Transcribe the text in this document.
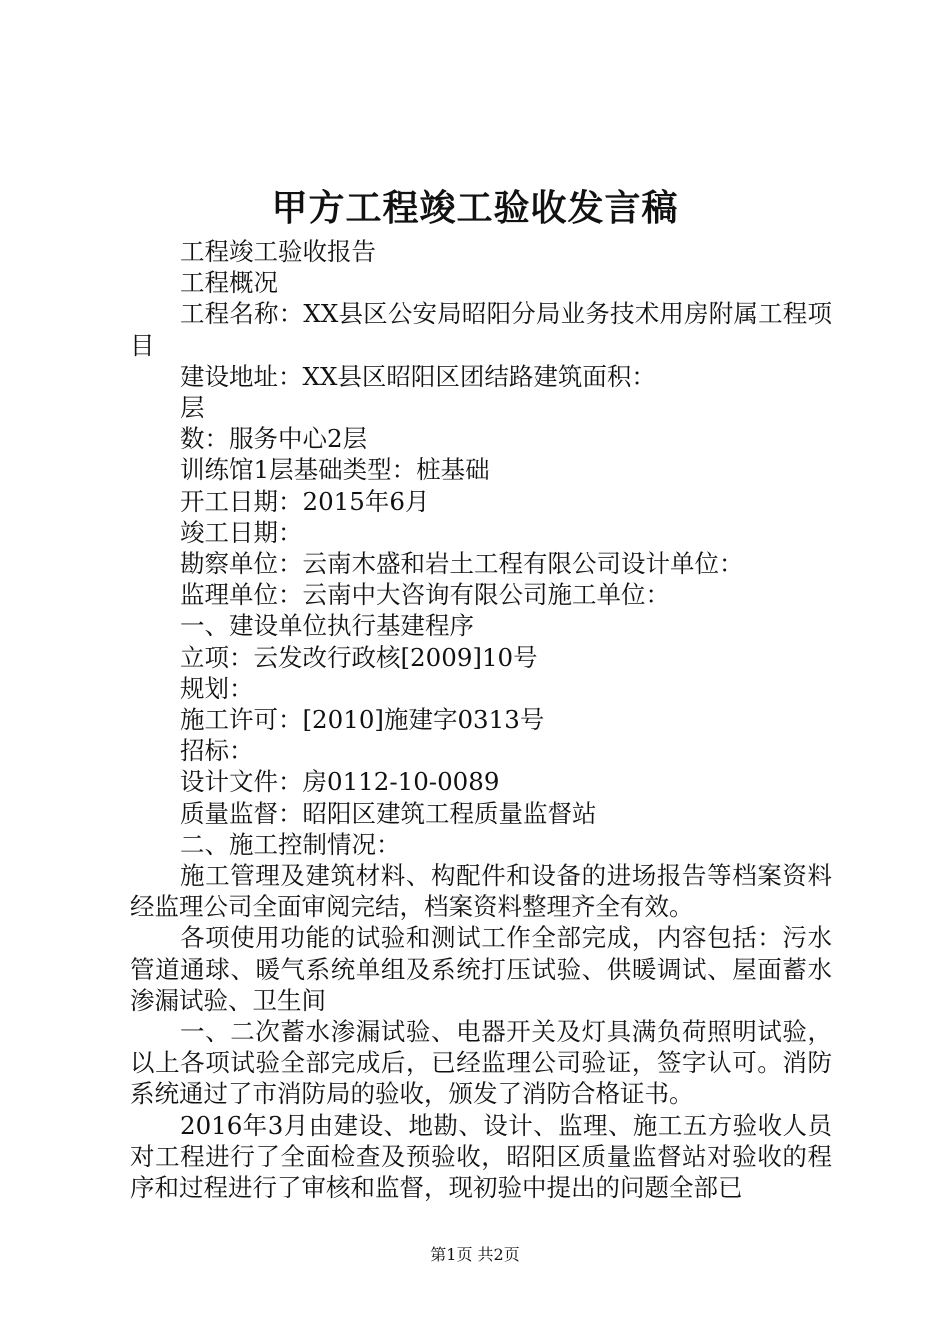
甲方工程竣工验收发言稿

工程竣工验收报告

工程概况

工程名称：XX县区公安局昭阳分局业务技术用房附属工程项目

建设地址：XX县区昭阳区团结路建筑面积：

层

数：服务中心2层

训练馆1层基础类型：桩基础

开工日期：2015年6月

竣工日期：

勘察单位：云南木盛和岩土工程有限公司设计单位：

监理单位：云南中大咨询有限公司施工单位：

一、建设单位执行基建程序

立项：云发改行政核[2009]10号

规划：

施工许可：[2010]施建字0313号

招标：

设计文件：房0112-10-0089

质量监督：昭阳区建筑工程质量监督站

二、施工控制情况：

施工管理及建筑材料、构配件和设备的进场报告等档案资料经监理公司全面审阅完结，档案资料整理齐全有效。

各项使用功能的试验和测试工作全部完成，内容包括：污水管道通球、暖气系统单组及系统打压试验、供暖调试、屋面蓄水渗漏试验、卫生间

一、二次蓄水渗漏试验、电器开关及灯具满负荷照明试验，以上各项试验全部完成后，已经监理公司验证，签字认可。消防系统通过了市消防局的验收，颁发了消防合格证书。

2016年3月由建设、地勘、设计、监理、施工五方验收人员对工程进行了全面检查及预验收，昭阳区质量监督站对验收的程序和过程进行了审核和监督，现初验中提出的问题全部已

第1页 共2页
